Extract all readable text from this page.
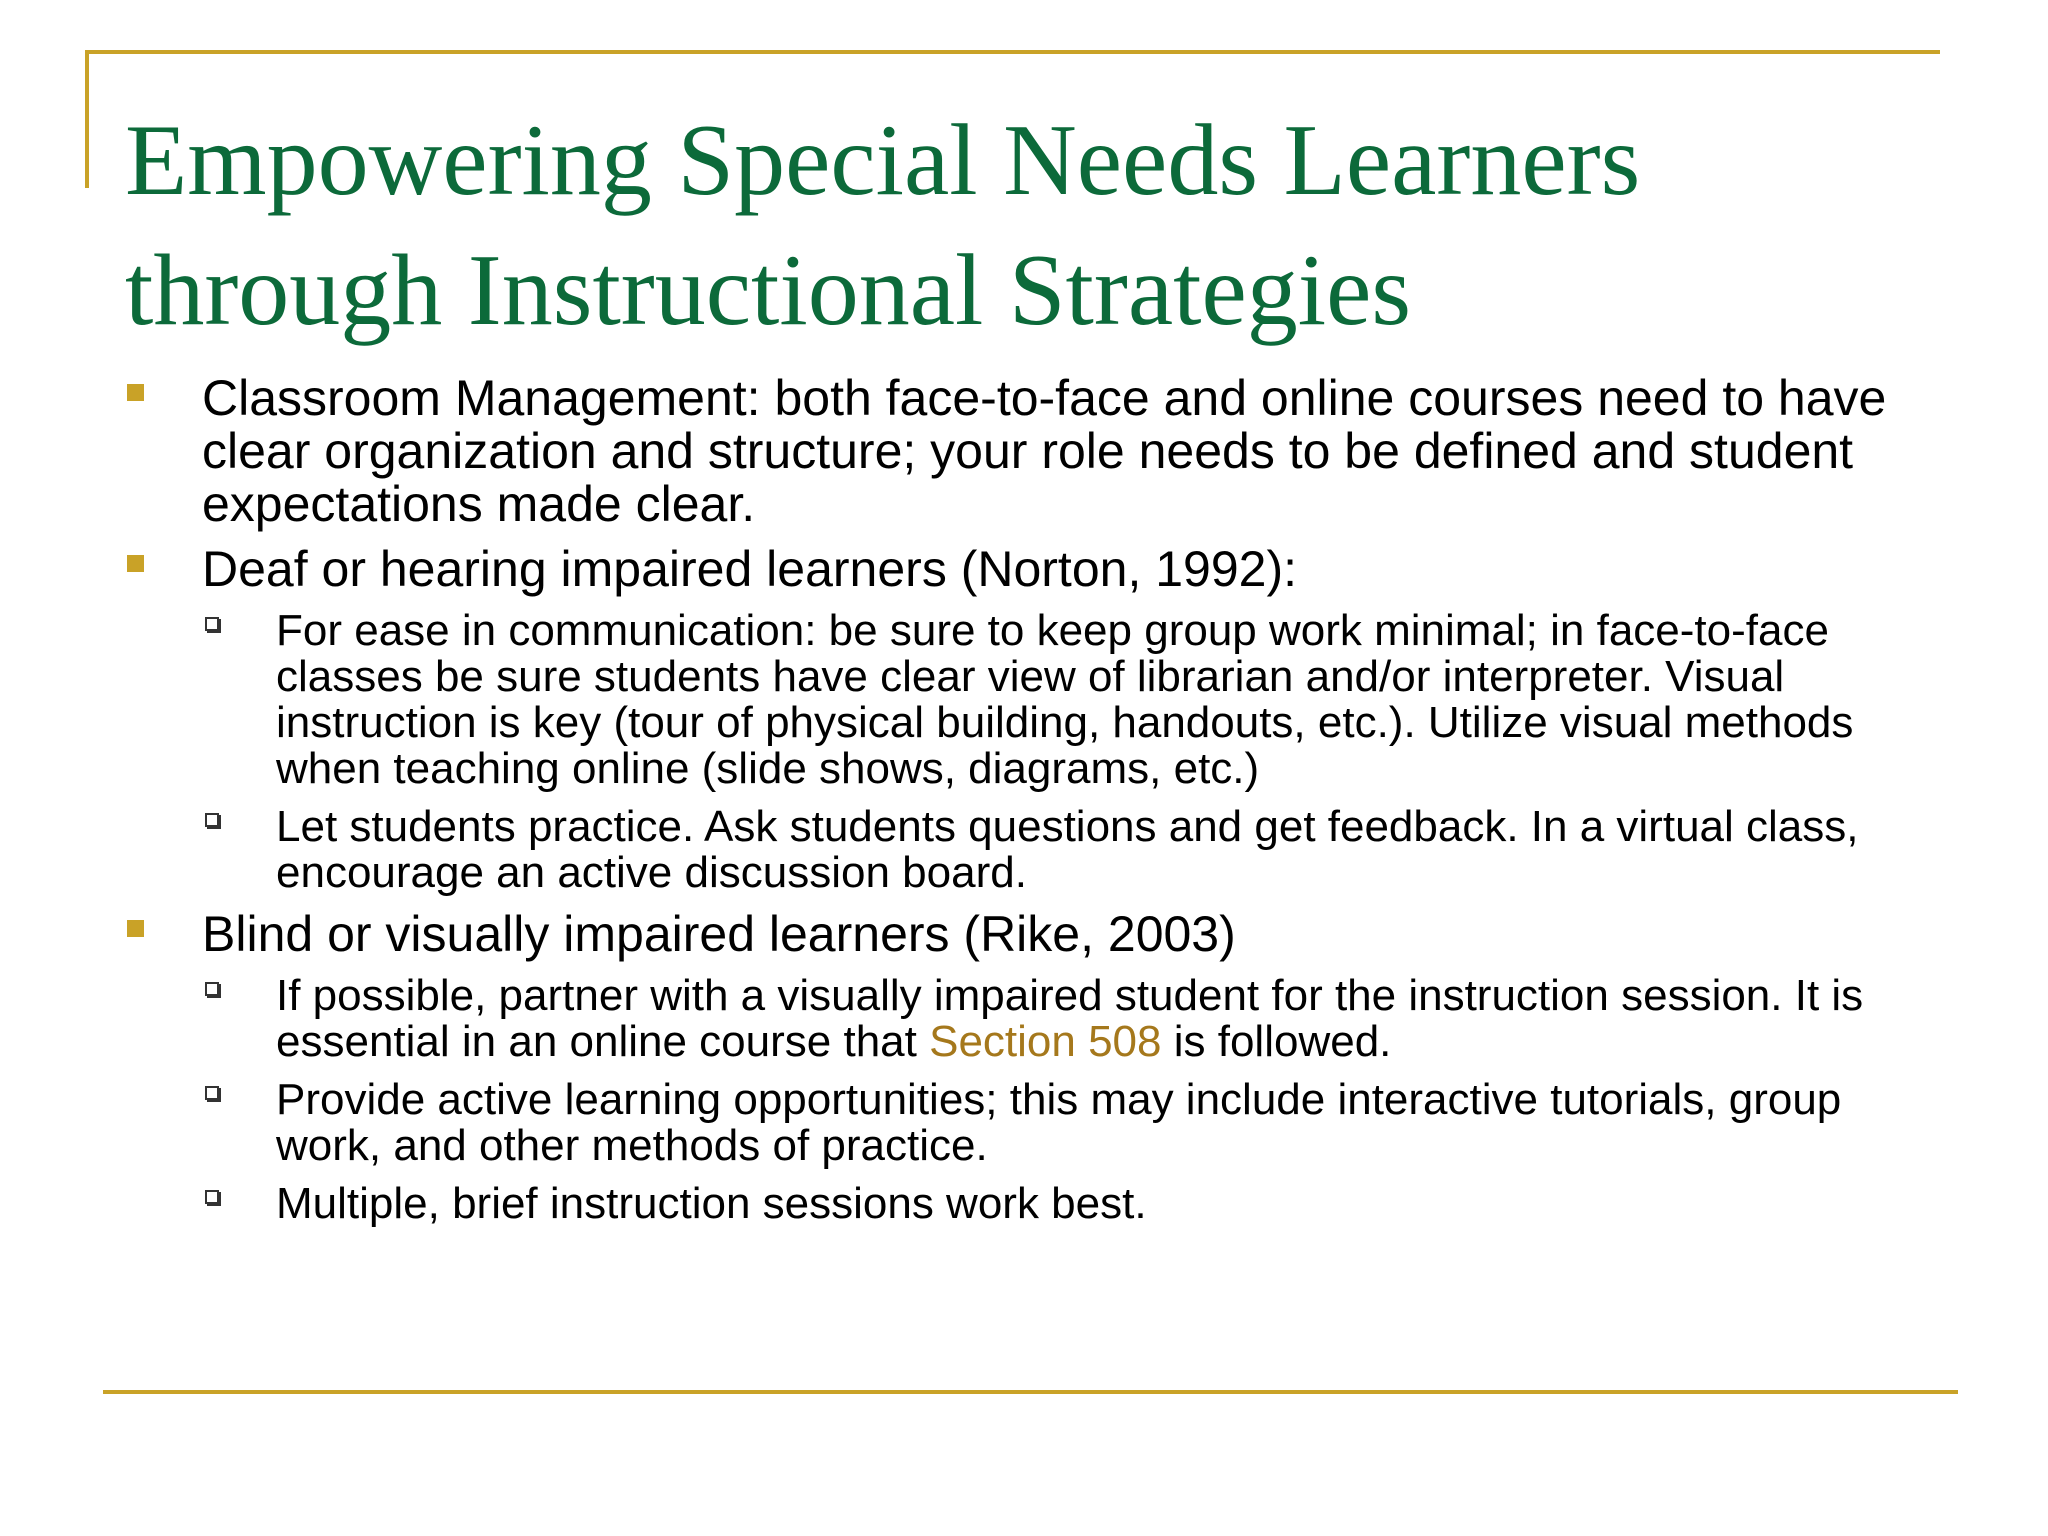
Empowering Special Needs Learners
through Instructional Strategies
Classroom Management: both face-to-face and online courses need to have clear organization and structure; your role needs to be defined and student expectations made clear.
Deaf or hearing impaired learners (Norton, 1992):
For ease in communication: be sure to keep group work minimal; in face-to-face classes be sure students have clear view of librarian and/or interpreter. Visual instruction is key (tour of physical building, handouts, etc.). Utilize visual methods when teaching online (slide shows, diagrams, etc.)
Let students practice. Ask students questions and get feedback. In a virtual class, encourage an active discussion board.
Blind or visually impaired learners (Rike, 2003)
If possible, partner with a visually impaired student for the instruction session. It is essential in an online course that Section 508 is followed.
Provide active learning opportunities; this may include interactive tutorials, group work, and other methods of practice.
Multiple, brief instruction sessions work best.
